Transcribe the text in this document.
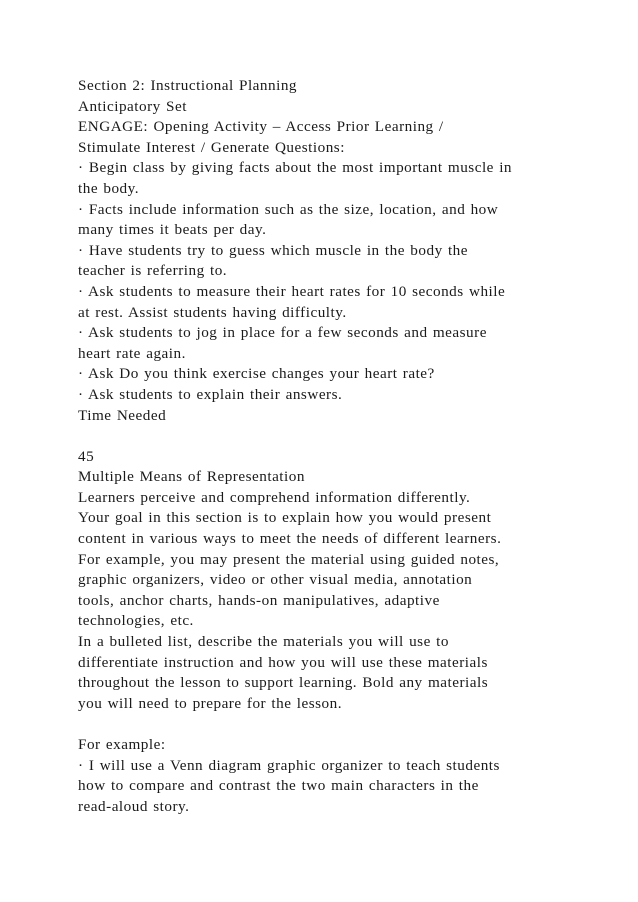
Section 2: Instructional Planning
Anticipatory Set
ENGAGE: Opening Activity – Access Prior Learning /
Stimulate Interest / Generate Questions:
· Begin class by giving facts about the most important muscle in
the body.
· Facts include information such as the size, location, and how
many times it beats per day.
· Have students try to guess which muscle in the body the
teacher is referring to.
· Ask students to measure their heart rates for 10 seconds while
at rest. Assist students having difficulty.
· Ask students to jog in place for a few seconds and measure
heart rate again.
· Ask Do you think exercise changes your heart rate?
· Ask students to explain their answers.
Time Needed
45
Multiple Means of Representation
Learners perceive and comprehend information differently.
Your goal in this section is to explain how you would present
content in various ways to meet the needs of different learners.
For example, you may present the material using guided notes,
graphic organizers, video or other visual media, annotation
tools, anchor charts, hands-on manipulatives, adaptive
technologies, etc.
In a bulleted list, describe the materials you will use to
differentiate instruction and how you will use these materials
throughout the lesson to support learning. Bold any materials
you will need to prepare for the lesson.
For example:
· I will use a Venn diagram graphic organizer to teach students
how to compare and contrast the two main characters in the
read-aloud story.
